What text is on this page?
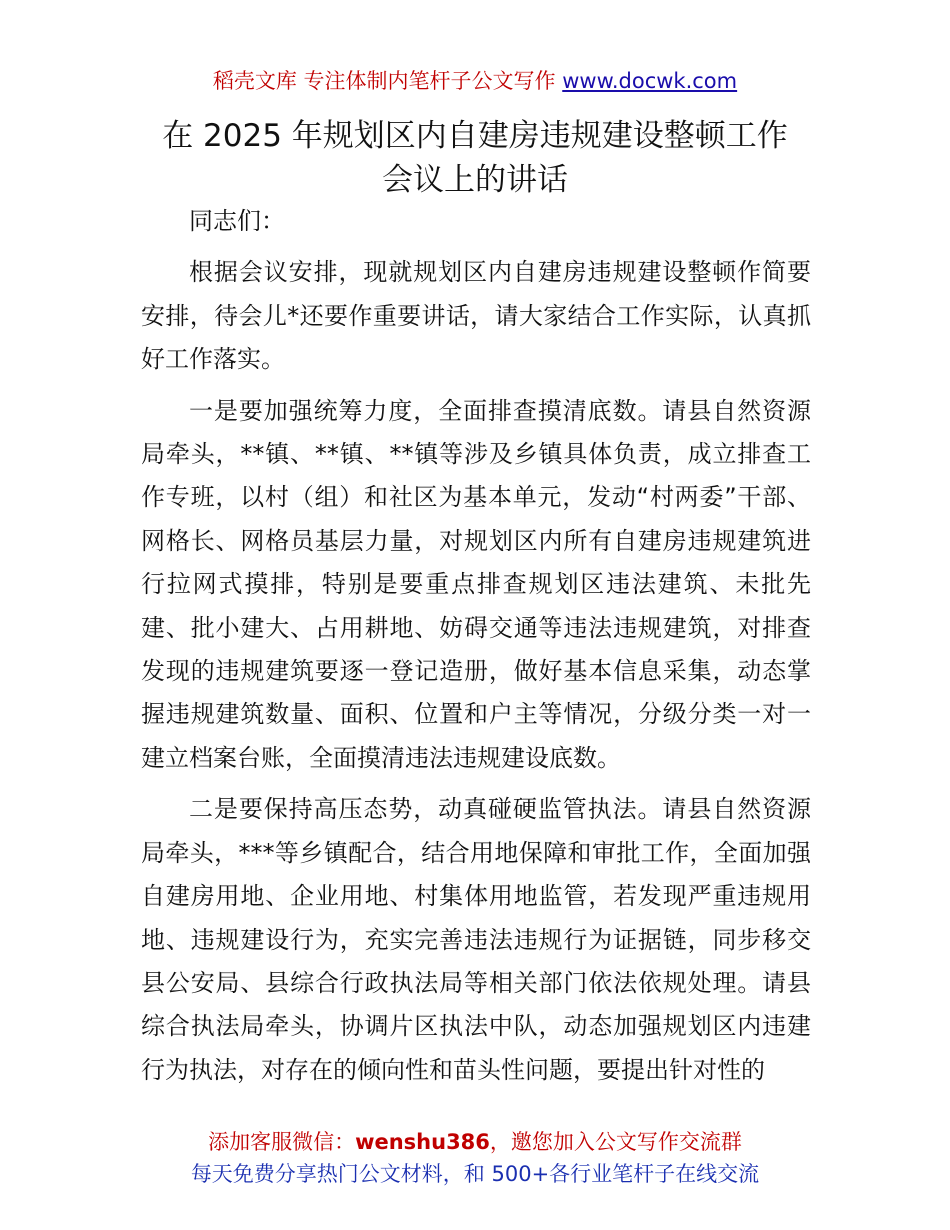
稻壳文库 专注体制内笔杆子公文写作 www.docwk.com
在 2025 年规划区内自建房违规建设整顿工作
会议上的讲话

同志们：

根据会议安排，现就规划区内自建房违规建设整顿作简要安排，待会儿*还要作重要讲话，请大家结合工作实际，认真抓好工作落实。

一是要加强统筹力度，全面排查摸清底数。请县自然资源局牵头，**镇、**镇、**镇等涉及乡镇具体负责，成立排查工作专班，以村（组）和社区为基本单元，发动“村两委”干部、网格长、网格员基层力量，对规划区内所有自建房违规建筑进行拉网式摸排，特别是要重点排查规划区违法建筑、未批先建、批小建大、占用耕地、妨碍交通等违法违规建筑，对排查发现的违规建筑要逐一登记造册，做好基本信息采集，动态掌握违规建筑数量、面积、位置和户主等情况，分级分类一对一建立档案台账，全面摸清违法违规建设底数。

二是要保持高压态势，动真碰硬监管执法。请县自然资源局牵头，***等乡镇配合，结合用地保障和审批工作，全面加强自建房用地、企业用地、村集体用地监管，若发现严重违规用地、违规建设行为，充实完善违法违规行为证据链，同步移交县公安局、县综合行政执法局等相关部门依法依规处理。请县综合执法局牵头，协调片区执法中队，动态加强规划区内违建行为执法，对存在的倾向性和苗头性问题，要提出针对性的

添加客服微信：wenshu386，邀您加入公文写作交流群
每天免费分享热门公文材料，和 500+各行业笔杆子在线交流
